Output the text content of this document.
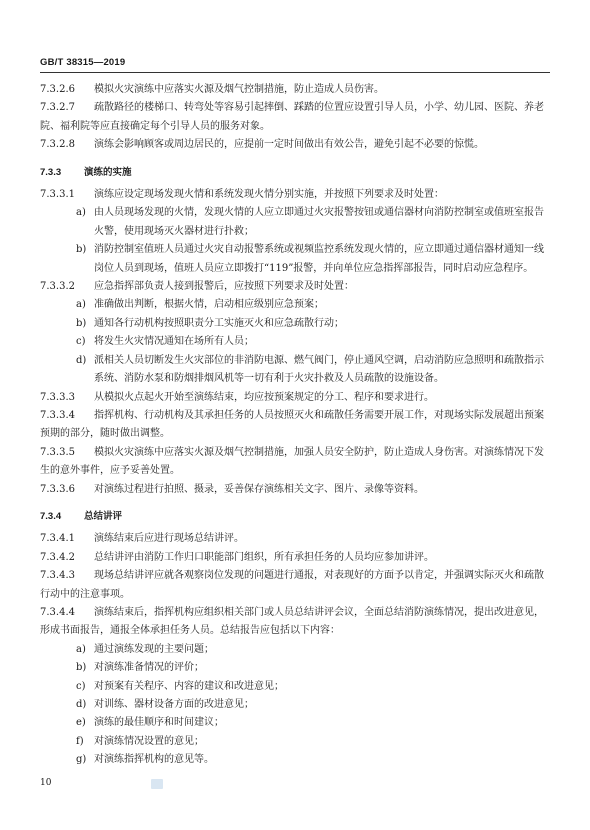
GB/T 38315—2019
7.3.2.6	模拟火灾演练中应落实火源及烟气控制措施，防止造成人员伤害。
7.3.2.7	疏散路径的楼梯口、转弯处等容易引起摔倒、踩踏的位置应设置引导人员，小学、幼儿园、医院、养老院、福利院等应直接确定每个引导人员的服务对象。
7.3.2.8	演练会影响顾客或周边居民的，应提前一定时间做出有效公告，避免引起不必要的惊慌。
7.3.3	演练的实施
7.3.3.1	演练应设定现场发现火情和系统发现火情分别实施，并按照下列要求及时处置：
a) 由人员现场发现的火情，发现火情的人应立即通过火灾报警按钮或通信器材向消防控制室或值班室报告火警，使用现场灭火器材进行扑救；
b) 消防控制室值班人员通过火灾自动报警系统或视频监控系统发现火情的，应立即通过通信器材通知一线岗位人员到现场，值班人员应立即拨打“119”报警，并向单位应急指挥部报告，同时启动应急程序。
7.3.3.2	应急指挥部负责人接到报警后，应按照下列要求及时处置：
a) 准确做出判断，根据火情，启动相应级别应急预案；
b) 通知各行动机构按照职责分工实施灭火和应急疏散行动；
c) 将发生火灾情况通知在场所有人员；
d) 派相关人员切断发生火灾部位的非消防电源、燃气阀门，停止通风空调，启动消防应急照明和疏散指示系统、消防水泵和防烟排烟风机等一切有利于火灾扑救及人员疏散的设施设备。
7.3.3.3	从模拟火点起火开始至演练结束，均应按预案规定的分工、程序和要求进行。
7.3.3.4	指挥机构、行动机构及其承担任务的人员按照灭火和疏散任务需要开展工作，对现场实际发展超出预案预期的部分，随时做出调整。
7.3.3.5	模拟火灾演练中应落实火源及烟气控制措施，加强人员安全防护，防止造成人身伤害。对演练情况下发生的意外事件，应予妥善处置。
7.3.3.6	对演练过程进行拍照、摄录，妥善保存演练相关文字、图片、录像等资料。
7.3.4	总结讲评
7.3.4.1	演练结束后应进行现场总结讲评。
7.3.4.2	总结讲评由消防工作归口职能部门组织，所有承担任务的人员均应参加讲评。
7.3.4.3	现场总结讲评应就各观察岗位发现的问题进行通报，对表现好的方面予以肯定，并强调实际灭火和疏散行动中的注意事项。
7.3.4.4	演练结束后，指挥机构应组织相关部门或人员总结讲评会议，全面总结消防演练情况，提出改进意见，形成书面报告，通报全体承担任务人员。总结报告应包括以下内容：
a) 通过演练发现的主要问题；
b) 对演练准备情况的评价；
c) 对预案有关程序、内容的建议和改进意见；
d) 对训练、器材设备方面的改进意见；
e) 演练的最佳顺序和时间建议；
f)	对演练情况设置的意见；
g) 对演练指挥机构的意见等。
10
